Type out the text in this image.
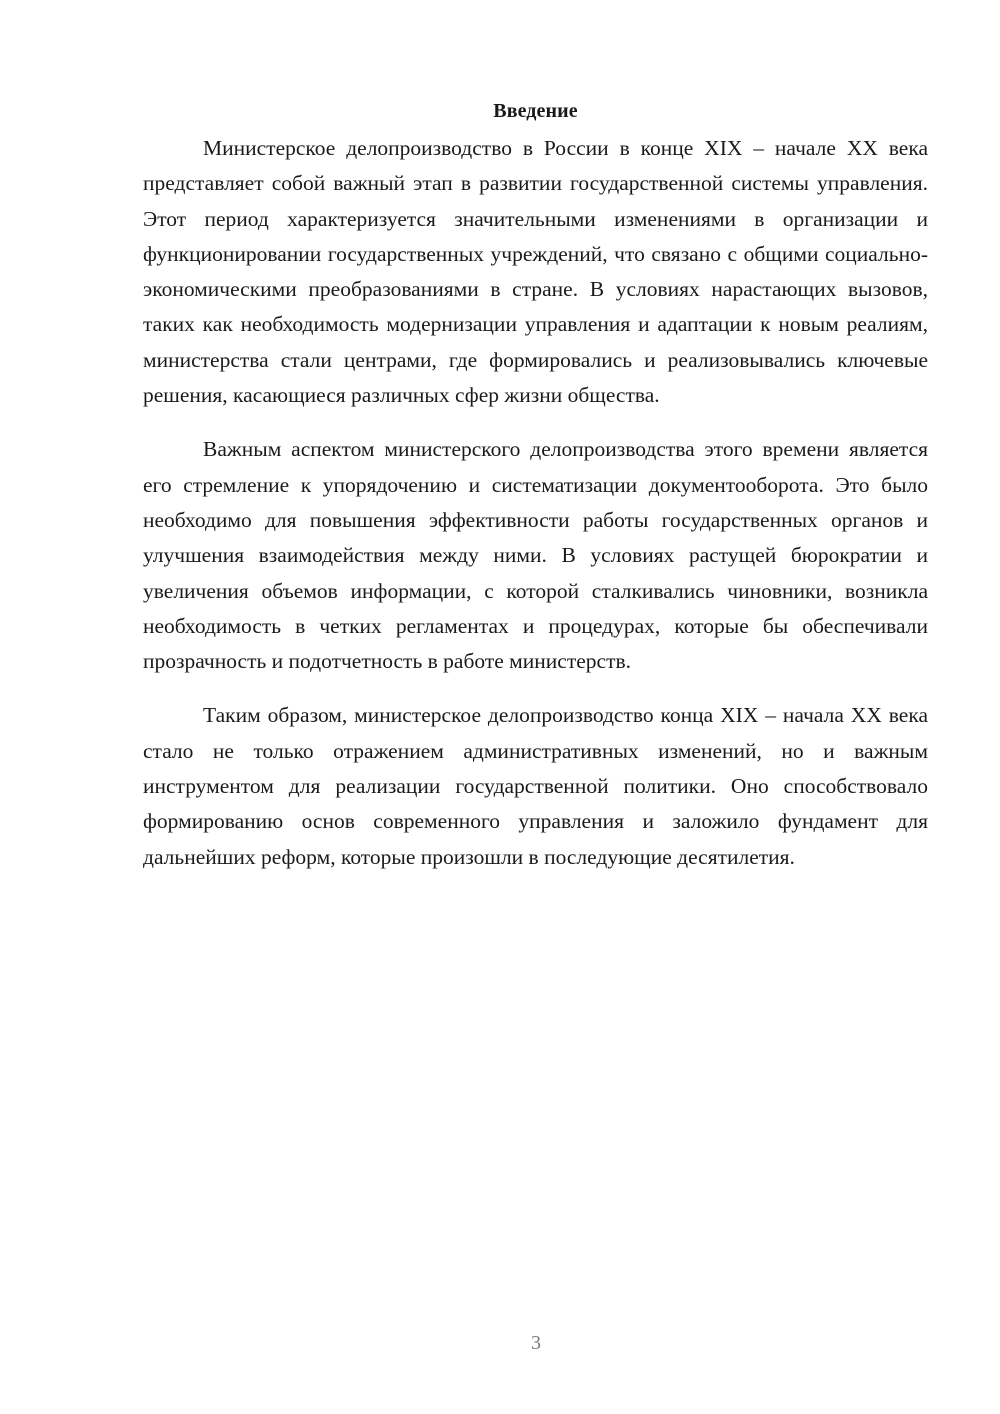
Введение

Министерское делопроизводство в России в конце XIX – начале XX века представляет собой важный этап в развитии государственной системы управления. Этот период характеризуется значительными изменениями в организации и функционировании государственных учреждений, что связано с общими социально-экономическими преобразованиями в стране. В условиях нарастающих вызовов, таких как необходимость модернизации управления и адаптации к новым реалиям, министерства стали центрами, где формировались и реализовывались ключевые решения, касающиеся различных сфер жизни общества.

Важным аспектом министерского делопроизводства этого времени является его стремление к упорядочению и систематизации документооборота. Это было необходимо для повышения эффективности работы государственных органов и улучшения взаимодействия между ними. В условиях растущей бюрократии и увеличения объемов информации, с которой сталкивались чиновники, возникла необходимость в четких регламентах и процедурах, которые бы обеспечивали прозрачность и подотчетность в работе министерств.

Таким образом, министерское делопроизводство конца XIX – начала XX века стало не только отражением административных изменений, но и важным инструментом для реализации государственной политики. Оно способствовало формированию основ современного управления и заложило фундамент для дальнейших реформ, которые произошли в последующие десятилетия.

3
